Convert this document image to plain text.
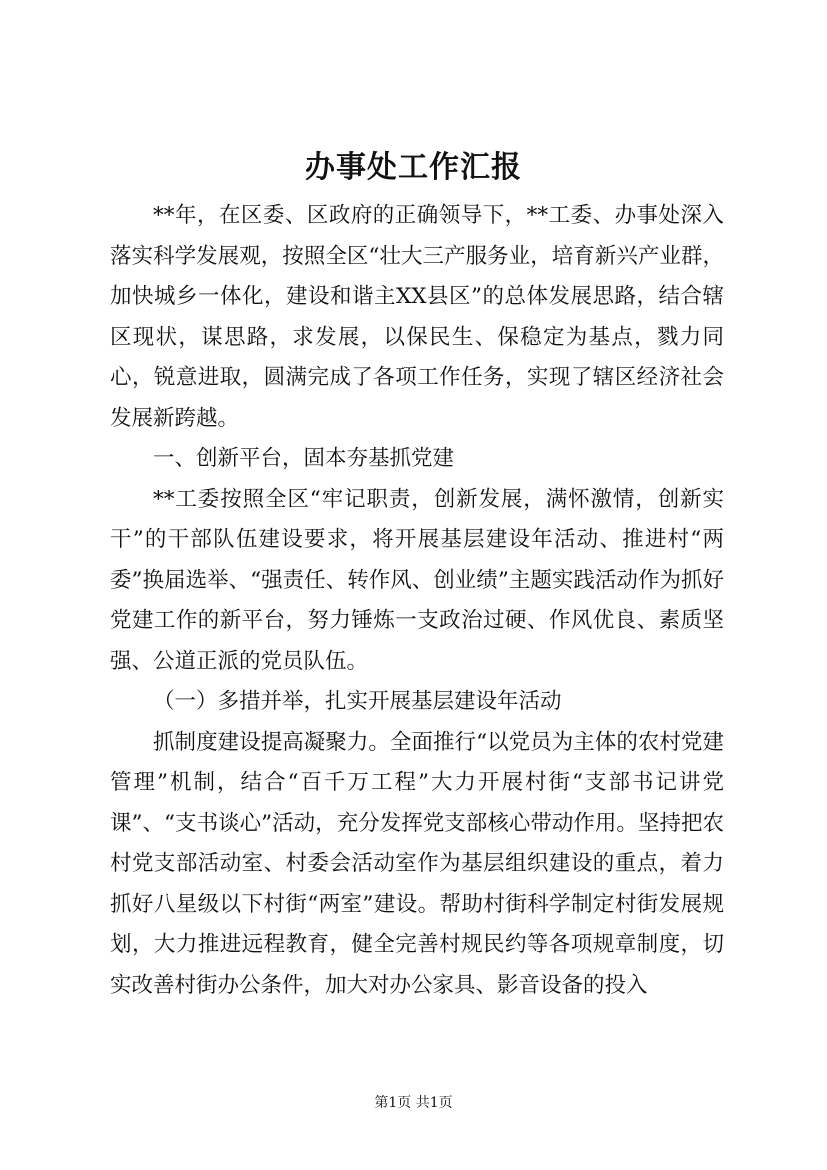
办事处工作汇报

**年，在区委、区政府的正确领导下，**工委、办事处深入落实科学发展观，按照全区“壮大三产服务业，培育新兴产业群，加快城乡一体化，建设和谐主XX县区”的总体发展思路，结合辖区现状，谋思路，求发展，以保民生、保稳定为基点，戮力同心，锐意进取，圆满完成了各项工作任务，实现了辖区经济社会发展新跨越。

一、创新平台，固本夯基抓党建

**工委按照全区“牢记职责，创新发展，满怀激情，创新实干”的干部队伍建设要求，将开展基层建设年活动、推进村“两委”换届选举、“强责任、转作风、创业绩”主题实践活动作为抓好党建工作的新平台，努力锤炼一支政治过硬、作风优良、素质坚强、公道正派的党员队伍。

（一）多措并举，扎实开展基层建设年活动

抓制度建设提高凝聚力。全面推行“以党员为主体的农村党建管理”机制，结合“百千万工程”大力开展村街“支部书记讲党课”、“支书谈心”活动，充分发挥党支部核心带动作用。坚持把农村党支部活动室、村委会活动室作为基层组织建设的重点，着力抓好八星级以下村街“两室”建设。帮助村街科学制定村街发展规划，大力推进远程教育，健全完善村规民约等各项规章制度，切实改善村街办公条件，加大对办公家具、影音设备的投入

第1页 共1页
